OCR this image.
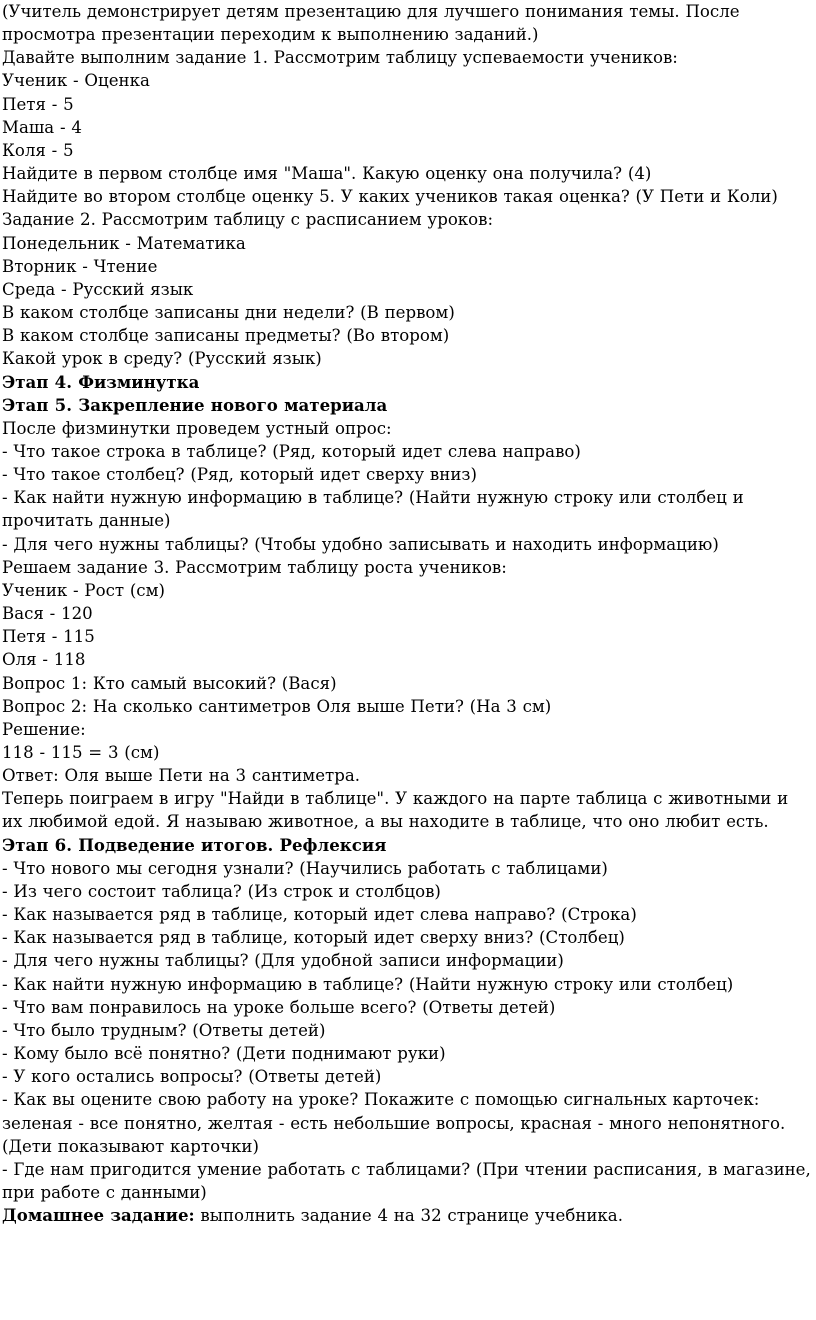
(Учитель демонстрирует детям презентацию для лучшего понимания темы. После просмотра презентации переходим к выполнению заданий.)
Давайте выполним задание 1. Рассмотрим таблицу успеваемости учеников:
Ученик - Оценка
Петя - 5
Маша - 4
Коля - 5
Найдите в первом столбце имя "Маша". Какую оценку она получила? (4)
Найдите во втором столбце оценку 5. У каких учеников такая оценка? (У Пети и Коли)
Задание 2. Рассмотрим таблицу с расписанием уроков:
Понедельник - Математика
Вторник - Чтение
Среда - Русский язык
В каком столбце записаны дни недели? (В первом)
В каком столбце записаны предметы? (Во втором)
Какой урок в среду? (Русский язык)
Этап 4. Физминутка
Этап 5. Закрепление нового материала
После физминутки проведем устный опрос:
- Что такое строка в таблице? (Ряд, который идет слева направо)
- Что такое столбец? (Ряд, который идет сверху вниз)
- Как найти нужную информацию в таблице? (Найти нужную строку или столбец и прочитать данные)
- Для чего нужны таблицы? (Чтобы удобно записывать и находить информацию)
Решаем задание 3. Рассмотрим таблицу роста учеников:
Ученик - Рост (см)
Вася - 120
Петя - 115
Оля - 118
Вопрос 1: Кто самый высокий? (Вася)
Вопрос 2: На сколько сантиметров Оля выше Пети? (На 3 см)
Решение:
118 - 115 = 3 (см)
Ответ: Оля выше Пети на 3 сантиметра.
Теперь поиграем в игру "Найди в таблице". У каждого на парте таблица с животными и их любимой едой. Я называю животное, а вы находите в таблице, что оно любит есть.
Этап 6. Подведение итогов. Рефлексия
- Что нового мы сегодня узнали? (Научились работать с таблицами)
- Из чего состоит таблица? (Из строк и столбцов)
- Как называется ряд в таблице, который идет слева направо? (Строка)
- Как называется ряд в таблице, который идет сверху вниз? (Столбец)
- Для чего нужны таблицы? (Для удобной записи информации)
- Как найти нужную информацию в таблице? (Найти нужную строку или столбец)
- Что вам понравилось на уроке больше всего? (Ответы детей)
- Что было трудным? (Ответы детей)
- Кому было всё понятно? (Дети поднимают руки)
- У кого остались вопросы? (Ответы детей)
- Как вы оцените свою работу на уроке? Покажите с помощью сигнальных карточек: зеленая - все понятно, желтая - есть небольшие вопросы, красная - много непонятного. (Дети показывают карточки)
- Где нам пригодится умение работать с таблицами? (При чтении расписания, в магазине, при работе с данными)
Домашнее задание: выполнить задание 4 на 32 странице учебника.
